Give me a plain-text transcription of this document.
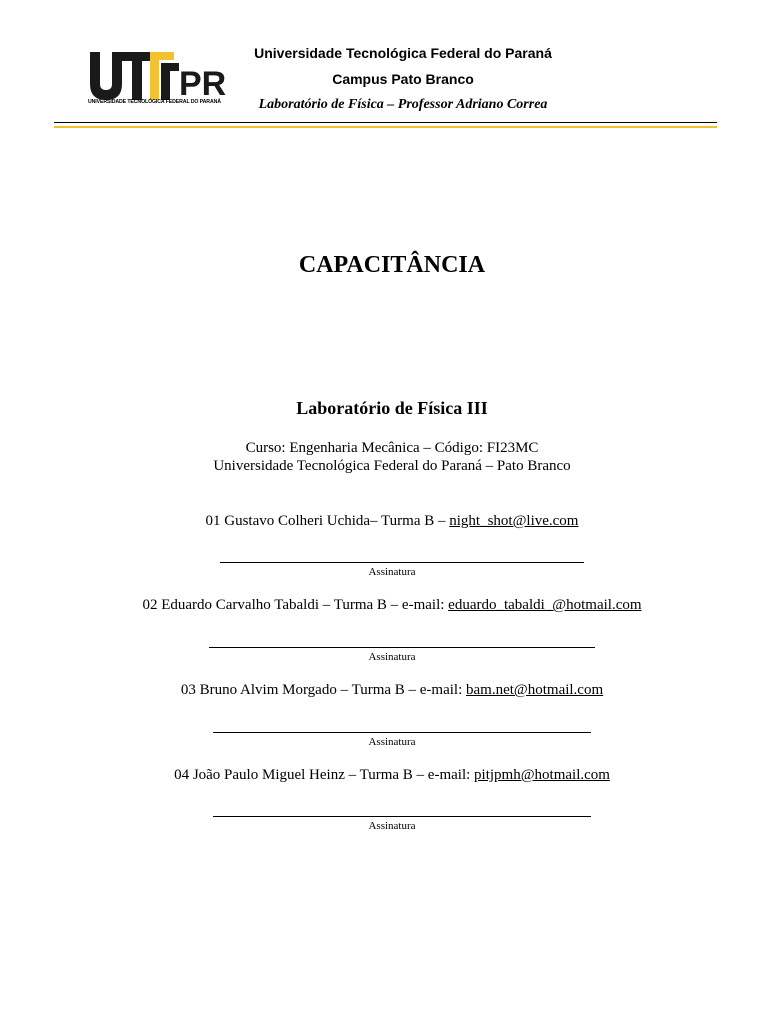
PR
UNIVERSIDADE TECNOLÓGICA FEDERAL DO PARANÁ
Universidade Tecnológica Federal do Paraná
Campus Pato Branco
Laboratório de Física – Professor Adriano Correa
CAPACITÂNCIA
Laboratório de Física III
Curso: Engenharia Mecânica – Código: FI23MC
Universidade Tecnológica Federal do Paraná – Pato Branco
01 Gustavo Colheri Uchida– Turma B – night_shot@live.com
Assinatura
02 Eduardo Carvalho Tabaldi – Turma B – e-mail: eduardo_tabaldi_@hotmail.com
Assinatura
03 Bruno Alvim Morgado – Turma B – e-mail: bam.net@hotmail.com
Assinatura
04 João Paulo Miguel Heinz – Turma B – e-mail: pitjpmh@hotmail.com
Assinatura
